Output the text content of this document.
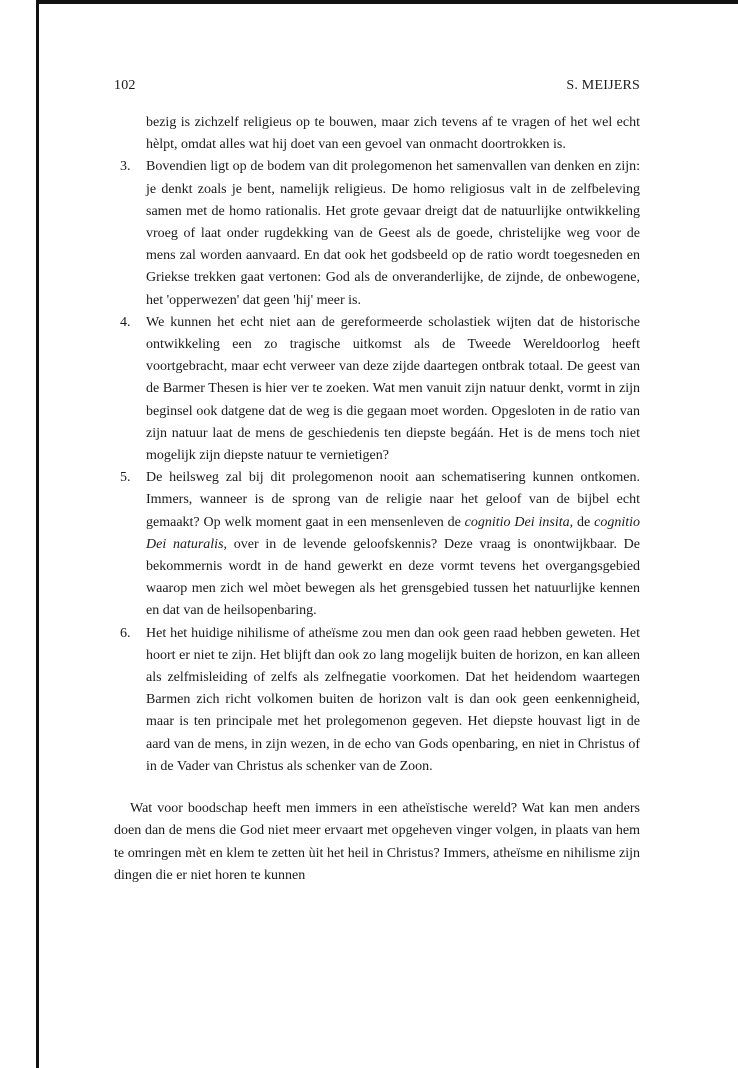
102	S. MEIJERS

bezig is zichzelf religieus op te bouwen, maar zich tevens af te vragen of het wel echt hèlpt, omdat alles wat hij doet van een gevoel van onmacht doortrokken is.

3. Bovendien ligt op de bodem van dit prolegomenon het samenvallen van denken en zijn: je denkt zoals je bent, namelijk religieus. De homo religiosus valt in de zelfbeleving samen met de homo rationalis. Het grote gevaar dreigt dat de natuurlijke ontwikkeling vroeg of laat onder rugdekking van de Geest als de goede, christelijke weg voor de mens zal worden aanvaard. En dat ook het godsbeeld op de ratio wordt toegesneden en Griekse trekken gaat vertonen: God als de onveranderlijke, de zijnde, de onbewogene, het 'opperwezen' dat geen 'hij' meer is.
4. We kunnen het echt niet aan de gereformeerde scholastiek wijten dat de historische ontwikkeling een zo tragische uitkomst als de Tweede Wereldoorlog heeft voortgebracht, maar echt verweer van deze zijde daartegen ontbrak totaal. De geest van de Barmer Thesen is hier ver te zoeken. Wat men vanuit zijn natuur denkt, vormt in zijn beginsel ook datgene dat de weg is die gegaan moet worden. Opgesloten in de ratio van zijn natuur laat de mens de geschiedenis ten diepste begáán. Het is de mens toch niet mogelijk zijn diepste natuur te vernietigen?
5. De heilsweg zal bij dit prolegomenon nooit aan schematisering kunnen ontkomen. Immers, wanneer is de sprong van de religie naar het geloof van de bijbel echt gemaakt? Op welk moment gaat in een mensenleven de cognitio Dei insita, de cognitio Dei naturalis, over in de levende geloofskennis? Deze vraag is onontwijkbaar. De bekommernis wordt in de hand gewerkt en deze vormt tevens het overgangsgebied waarop men zich wel mòet bewegen als het grensgebied tussen het natuurlijke kennen en dat van de heilsopenbaring.
6. Het het huidige nihilisme of atheïsme zou men dan ook geen raad hebben geweten. Het hoort er niet te zijn. Het blijft dan ook zo lang mogelijk buiten de horizon, en kan alleen als zelfmisleiding of zelfs als zelfnegatie voorkomen. Dat het heidendom waartegen Barmen zich richt volkomen buiten de horizon valt is dan ook geen eenkennigheid, maar is ten principale met het prolegomenon gegeven. Het diepste houvast ligt in de aard van de mens, in zijn wezen, in de echo van Gods openbaring, en niet in Christus of in de Vader van Christus als schenker van de Zoon.

Wat voor boodschap heeft men immers in een atheïstische wereld? Wat kan men anders doen dan de mens die God niet meer ervaart met opgeheven vinger volgen, in plaats van hem te omringen mèt en klem te zetten ùit het heil in Christus? Immers, atheïsme en nihilisme zijn dingen die er niet horen te kunnen
